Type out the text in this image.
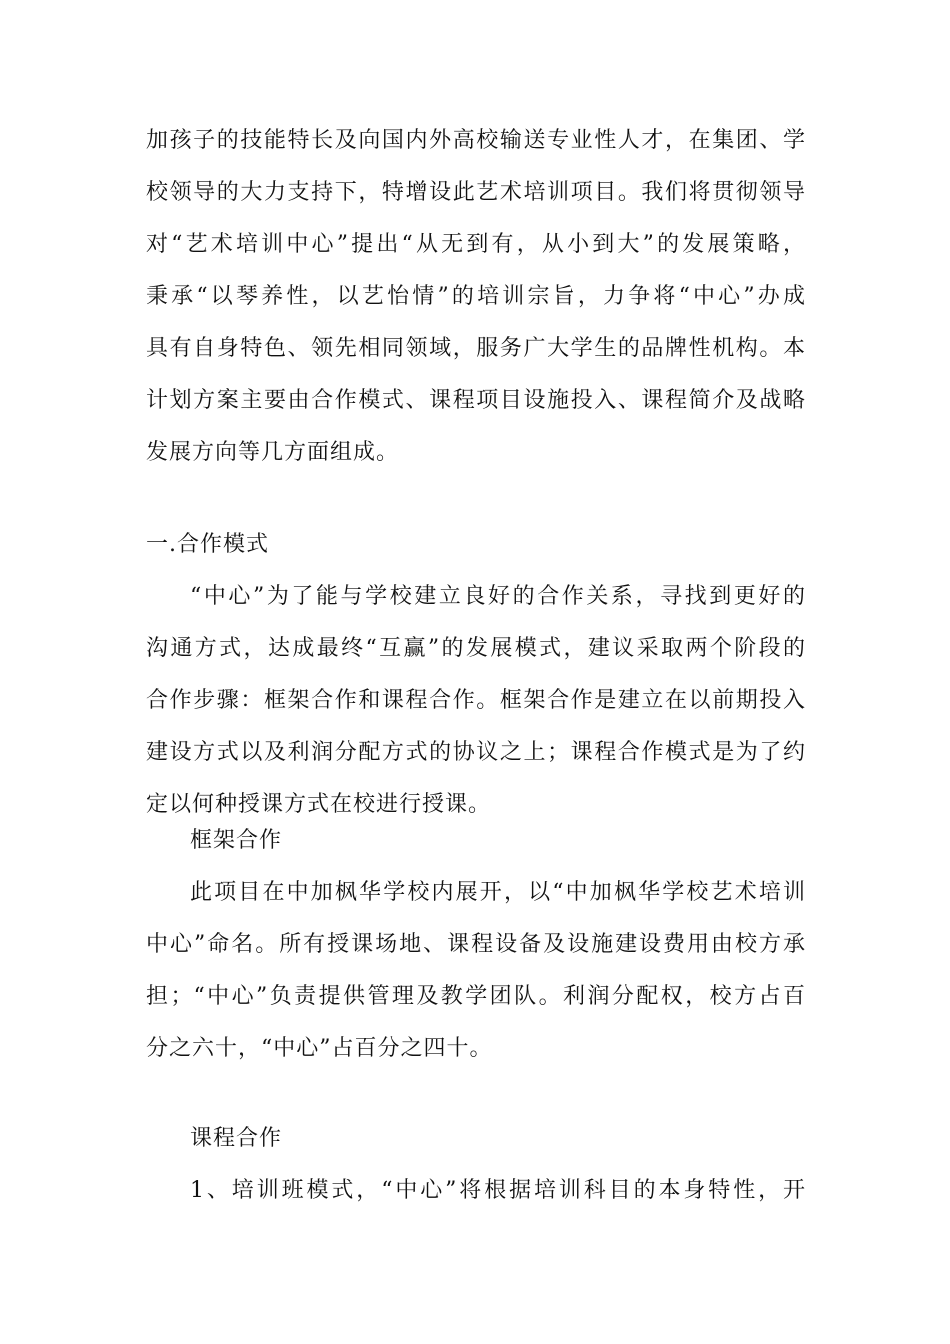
加孩子的技能特长及向国内外高校输送专业性人才，在集团、学
校领导的大力支持下，特增设此艺术培训项目。我们将贯彻领导
对“艺术培训中心”提出“从无到有，从小到大”的发展策略，
秉承“以琴养性，以艺怡情”的培训宗旨，力争将“中心”办成
具有自身特色、领先相同领域，服务广大学生的品牌性机构。本
计划方案主要由合作模式、课程项目设施投入、课程简介及战略
发展方向等几方面组成。
一.合作模式
“中心”为了能与学校建立良好的合作关系，寻找到更好的
沟通方式，达成最终“互赢”的发展模式，建议采取两个阶段的
合作步骤：框架合作和课程合作。框架合作是建立在以前期投入
建设方式以及利润分配方式的协议之上；课程合作模式是为了约
定以何种授课方式在校进行授课。
框架合作
此项目在中加枫华学校内展开，以“中加枫华学校艺术培训
中心”命名。所有授课场地、课程设备及设施建设费用由校方承
担；“中心”负责提供管理及教学团队。利润分配权，校方占百
分之六十，“中心”占百分之四十。
课程合作
1、培训班模式，“中心”将根据培训科目的本身特性，开
